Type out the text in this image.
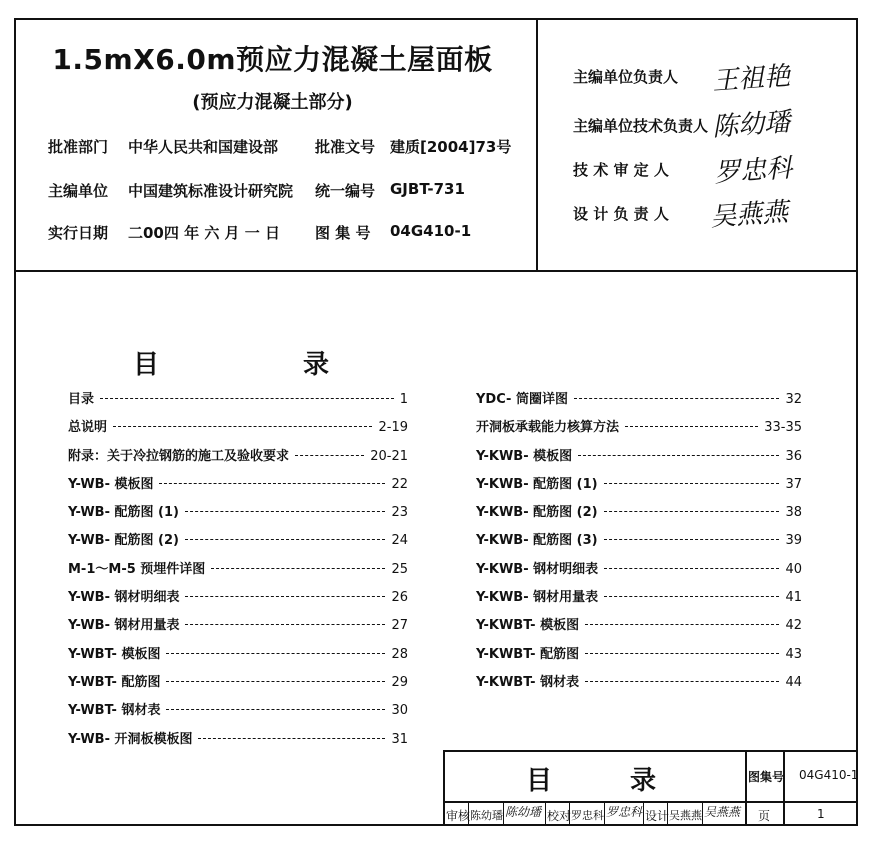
1.5mX6.0m预应力混凝土屋面板
(预应力混凝土部分)
批准部门 中华人民共和国建设部 批准文号 建质[2004]73号
主编单位 中国建筑标准设计研究院 统一编号 GJBT-731
实行日期 二00四 年 六 月 一 日 图 集 号 04G410-1
主编单位负责人 王祖艳
主编单位技术负责人 陈幼璠
技 术 审 定 人 罗忠科
设 计 负 责 人 吴燕燕
目	录
目录	1
总说明	2-19
附录：关于冷拉钢筋的施工及验收要求	20-21
Y-WB- 模板图	22
Y-WB- 配筋图 (1)	23
Y-WB- 配筋图 (2)	24
M-1～M-5 预埋件详图	25
Y-WB- 钢材明细表	26
Y-WB- 钢材用量表	27
Y-WBT- 模板图	28
Y-WBT- 配筋图	29
Y-WBT- 钢材表	30
Y-WB- 开洞板模板图	31
YDC- 筒圈详图	32
开洞板承载能力核算方法	33-35
Y-KWB- 模板图	36
Y-KWB- 配筋图 (1)	37
Y-KWB- 配筋图 (2)	38
Y-KWB- 配筋图 (3)	39
Y-KWB- 钢材明细表	40
Y-KWB- 钢材用量表	41
Y-KWBT- 模板图	42
Y-KWBT- 配筋图	43
Y-KWBT- 钢材表	44
目	录	图集号 04G410-1
审核 陈幼璠 陈幼璠 校对 罗忠科 罗忠科 设计 吴燕燕 吴燕燕 页	1
